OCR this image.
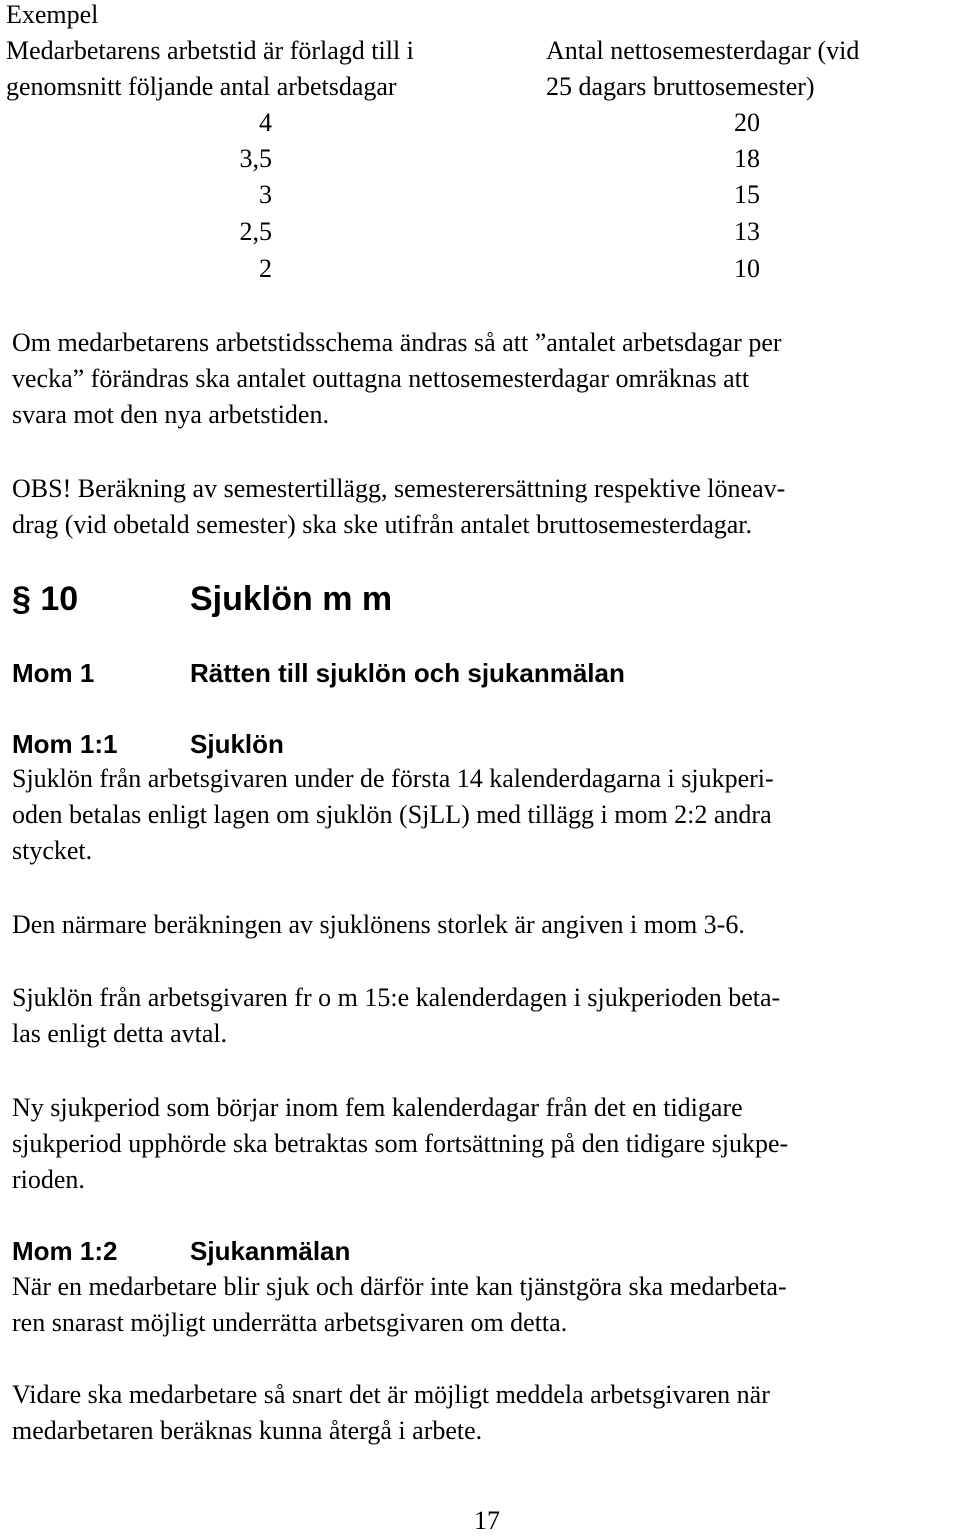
Exempel
Medarbetarens arbetstid är förlagd till i
genomsnitt följande antal arbetsdagar
Antal nettosemesterdagar (vid
25 dagars bruttosemester)
4	20
3,5	18
3	15
2,5	13
2	10
Om medarbetarens arbetstidsschema ändras så att ”antalet arbetsdagar per
vecka” förändras ska antalet outtagna nettosemesterdagar omräknas att
svara mot den nya arbetstiden.
OBS! Beräkning av semestertillägg, semesterersättning respektive löneav-
drag (vid obetald semester) ska ske utifrån antalet bruttosemesterdagar.
§ 10	Sjuklön m m
Mom 1	Rätten till sjuklön och sjukanmälan
Mom 1:1	Sjuklön
Sjuklön från arbetsgivaren under de första 14 kalenderdagarna i sjukperi-
oden betalas enligt lagen om sjuklön (SjLL) med tillägg i mom 2:2 andra
stycket.
Den närmare beräkningen av sjuklönens storlek är angiven i mom 3-6.
Sjuklön från arbetsgivaren fr o m 15:e kalenderdagen i sjukperioden beta-
las enligt detta avtal.
Ny sjukperiod som börjar inom fem kalenderdagar från det en tidigare
sjukperiod upphörde ska betraktas som fortsättning på den tidigare sjukpe-
rioden.
Mom 1:2	Sjukanmälan
När en medarbetare blir sjuk och därför inte kan tjänstgöra ska medarbeta-
ren snarast möjligt underrätta arbetsgivaren om detta.
Vidare ska medarbetare så snart det är möjligt meddela arbetsgivaren när
medarbetaren beräknas kunna återgå i arbete.
17
